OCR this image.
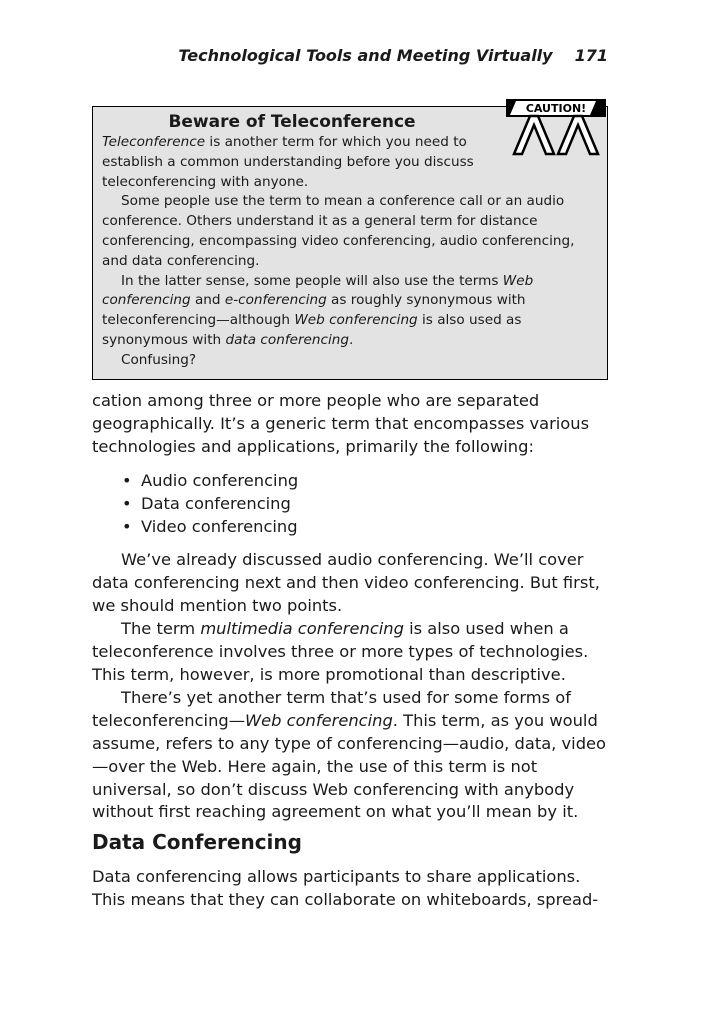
Technological Tools and Meeting Virtually 171
Beware of Teleconference

Teleconference is another term for which you need to establish a common understanding before you discuss teleconferencing with anyone.

Some people use the term to mean a conference call or an audio conference. Others understand it as a general term for distance conferencing, encompassing video conferencing, audio conferencing, and data conferencing.

In the latter sense, some people will also use the terms Web conferencing and e-conferencing as roughly synonymous with teleconferencing—although Web conferencing is also used as synonymous with data conferencing.

Confusing?

CAUTION!

cation among three or more people who are separated geographically. It’s a generic term that encompasses various technologies and applications, primarily the following:

• Audio conferencing
• Data conferencing
• Video conferencing

We’ve already discussed audio conferencing. We’ll cover data conferencing next and then video conferencing. But first, we should mention two points.

The term multimedia conferencing is also used when a teleconference involves three or more types of technologies. This term, however, is more promotional than descriptive.

There’s yet another term that’s used for some forms of teleconferencing—Web conferencing. This term, as you would assume, refers to any type of conferencing—audio, data, video—over the Web. Here again, the use of this term is not universal, so don’t discuss Web conferencing with anybody without first reaching agreement on what you’ll mean by it.

Data Conferencing

Data conferencing allows participants to share applications. This means that they can collaborate on whiteboards, spread-
